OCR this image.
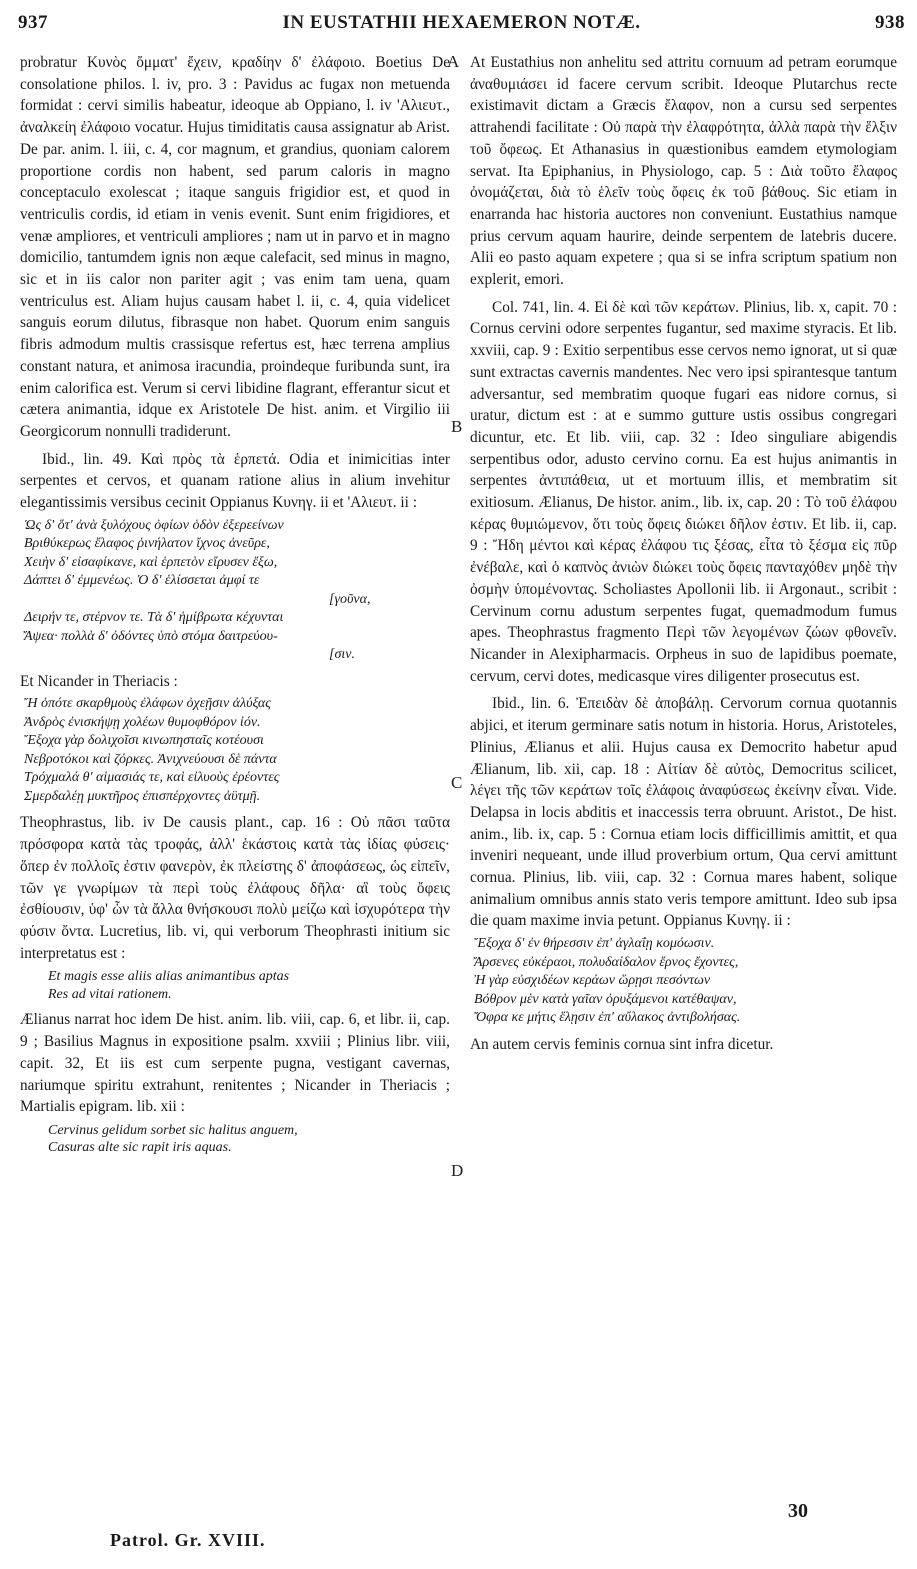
937	IN EUSTATHII HEXAEMERON NOTÆ.	938
A
B
C
D

probratur Κυνὸς ὄμματ' ἔχειν, κραδίην δ' ἐλάφοιο. Boetius De consolatione philos. l. iv, pro. 3 : Pavidus ac fugax non metuenda formidat : cervi similis habeatur, ideoque ab Oppiano, l. iv 'Αλιευτ., ἀναλκείη ἐλάφοιο vocatur. Hujus timiditatis causa assignatur ab Arist. De par. anim. l. iii, c. 4, cor magnum, et grandius, quoniam calorem proportione cordis non habent, sed parum caloris in magno conceptaculo exolescat ; itaque sanguis frigidior est, et quod in ventriculis cordis, id etiam in venis evenit. Sunt enim frigidiores, et venæ ampliores, et ventriculi ampliores ; nam ut in parvo et in magno domicilio, tantumdem ignis non æque calefacit, sed minus in magno, sic et in iis calor non pariter agit ; vas enim tam uena, quam ventriculus est. Aliam hujus causam habet l. ii, c. 4, quia videlicet sanguis eorum dilutus, fibrasque non habet. Quorum enim sanguis fibris admodum multis crassisque refertus est, hæc terrena amplius constant natura, et animosa iracundia, proindeque furibunda sunt, ira enim calorifica est. Verum si cervi libidine flagrant, efferantur sicut et cætera animantia, idque ex Aristotele De hist. anim. et Virgilio iii Georgicorum nonnulli tradiderunt.

Ibid., lin. 49. Καὶ πρὸς τὰ ἑρπετά. Odia et inimicitias inter serpentes et cervos, et quanam ratione alius in alium invehitur elegantissimis versibus cecinit Oppianus Κυνηγ. ii et 'Αλιευτ. ii :

Ὡς δ' ὅτ' ἀνὰ ξυλόχους ὀφίων ὁδὸν ἐξερεείνων
Βριθύκερως ἔλαφος ῥινήλατον ἴχνος ἀνεῦρε,
Χειὴν δ' εἰσαφίκανε, καὶ ἑρπετὸν εἴρυσεν ἔξω,
Δάπτει δ' ἐμμενέως. Ὁ δ' ἑλίσσεται ἀμφί τε
[γοῦνα,
Δειρήν τε, στέρνον τε. Τὰ δ' ἡμίβρωτα κέχυνται
Ἄψεα· πολλὰ δ' ὀδόντες ὑπὸ στόμα δαιτρεύου-
[σιν.

Et Nicander in Theriacis :

Ἤ ὁπότε σκαρθμοὺς ἐλάφων ὀχεῇσιν ἀλύξας
Ἀνδρὸς ἐνισκήψῃ χολέων θυμοφθόρον ἰόν.
Ἔξοχα γὰρ δολιχοῖσι κινωπησταῖς κοτέουσι
Νεβροτόκοι καὶ ζόρκες. Ἀνιχνεύουσι δὲ πάντα
Τρόχμαλά θ' αἱμασιάς τε, καὶ εἰλυοὺς ἐρέοντες
Σμερδαλέῃ μυκτῆρος ἐπισπέρχοντες ἀϋτμῇ.

Theophrastus, lib. iv De causis plant., cap. 16 : Οὐ πᾶσι ταῦτα πρόσφορα κατὰ τὰς τροφάς, ἀλλ' ἑκάστοις κατὰ τὰς ἰδίας φύσεις· ὅπερ ἐν πολλοῖς ἐστιν φανερὸν, ἐκ πλείστης δ' ἀποφάσεως, ὡς εἰπεῖν, τῶν γε γνωρίμων τὰ περὶ τοὺς ἐλάφους δῆλα· αἳ τοὺς ὄφεις ἐσθίουσιν, ὑφ' ὧν τὰ ἄλλα θνήσκουσι πολὺ μείζω καὶ ἰσχυρότερα τὴν φύσιν ὄντα. Lucretius, lib. vi, qui verborum Theophrasti initium sic interpretatus est :

Et magis esse aliis alias animantibus aptas
Res ad vitai rationem.

Ælianus narrat hoc idem De hist. anim. lib. viii, cap. 6, et libr. ii, cap. 9 ; Basilius Magnus in expositione psalm. xxviii ; Plinius libr. viii, capit. 32, Et iis est cum serpente pugna, vestigant cavernas, nariumque spiritu extrahunt, renitentes ; Nicander in Theriacis ; Martialis epigram. lib. xii :

Cervinus gelidum sorbet sic halitus anguem,
Casuras alte sic rapit iris aquas.

At Eustathius non anhelitu sed attritu cornuum ad petram eorumque ἀναθυμιάσει id facere cervum scribit. Ideoque Plutarchus recte existimavit dictam a Græcis ἔλαφον, non a cursu sed serpentes attrahendi facilitate : Οὐ παρὰ τὴν ἐλαφρότητα, ἀλλὰ παρὰ τὴν ἕλξιν τοῦ ὄφεως. Et Athanasius in quæstionibus eamdem etymologiam servat. Ita Epiphanius, in Physiologo, cap. 5 : Διὰ τοῦτο ἔλαφος ὀνομάζεται, διὰ τὸ ἑλεῖν τοὺς ὄφεις ἐκ τοῦ βάθους. Sic etiam in enarranda hac historia auctores non conveniunt. Eustathius namque prius cervum aquam haurire, deinde serpentem de latebris ducere. Alii eo pasto aquam expetere ; qua si se infra scriptum spatium non explerit, emori.

Col. 741, lin. 4. Εἰ δὲ καὶ τῶν κεράτων. Plinius, lib. x, capit. 70 : Cornus cervini odore serpentes fugantur, sed maxime styracis. Et lib. xxviii, cap. 9 : Exitio serpentibus esse cervos nemo ignorat, ut si quæ sunt extractas cavernis mandentes. Nec vero ipsi spirantesque tantum adversantur, sed membratim quoque fugari eas nidore cornus, si uratur, dictum est : at e summo gutture ustis ossibus congregari dicuntur, etc. Et lib. viii, cap. 32 : Ideo singuliare abigendis serpentibus odor, adusto cervino cornu. Ea est hujus animantis in serpentes ἀντιπάθεια, ut et mortuum illis, et membratim sit exitiosum. Ælianus, De histor. anim., lib. ix, cap. 20 : Τὸ τοῦ ἐλάφου κέρας θυμιώμενον, ὅτι τοὺς ὄφεις διώκει δῆλον ἐστιν. Et lib. ii, cap. 9 : Ἤδη μέντοι καὶ κέρας ἐλάφου τις ξέσας, εἶτα τὸ ξέσμα εἰς πῦρ ἐνέβαλε, καὶ ὁ καπνὸς ἀνιὼν διώκει τοὺς ὄφεις πανταχόθεν μηδὲ τὴν ὀσμὴν ὑπομένοντας. Scholiastes Apollonii lib. ii Argonaut., scribit : Cervinum cornu adustum serpentes fugat, quemadmodum fumus apes. Theophrastus fragmento Περὶ τῶν λεγομένων ζώων φθονεῖν. Nicander in Alexipharmacis. Orpheus in suo de lapidibus poemate, cervum, cervi dotes, medicasque vires diligenter prosecutus est.

Ibid., lin. 6. Ἐπειδὰν δὲ ἀποβάλῃ. Cervorum cornua quotannis abjici, et iterum germinare satis notum in historia. Horus, Aristoteles, Plinius, Ælianus et alii. Hujus causa ex Democrito habetur apud Ælianum, lib. xii, cap. 18 : Αἰτίαν δὲ αὐτὸς, Democritus scilicet, λέγει τῆς τῶν κεράτων τοῖς ἐλάφοις ἀναφύσεως ἐκείνην εἶναι. Vide. Delapsa in locis abditis et inaccessis terra obruunt. Aristot., De hist. anim., lib. ix, cap. 5 : Cornua etiam locis difficillimis amittit, et qua inveniri nequeant, unde illud proverbium ortum, Qua cervi amittunt cornua. Plinius, lib. viii, cap. 32 : Cornua mares habent, solique animalium omnibus annis stato veris tempore amittunt. Ideo sub ipsa die quam maxime invia petunt. Oppianus Κυνηγ. ii :

Ἔξοχα δ' ἐν θήρεσσιν ἐπ' ἀγλαΐῃ κομόωσιν.
Ἄρσενες εὐκέραοι, πολυδαίδαλον ἔρνος ἔχοντες,
Ἠ γὰρ εὐσχιδέων κεράων ὥρῃσι πεσόντων
Βόθρον μὲν κατὰ γαῖαν ὀρυξάμενοι κατέθαψαν,
Ὄφρα κε μήτις ἕλῃσιν ἐπ' αὔλακος ἀντιβολήσας.

An autem cervis feminis cornua sint infra dicetur.

Patrol. Gr. XVIII.
30
